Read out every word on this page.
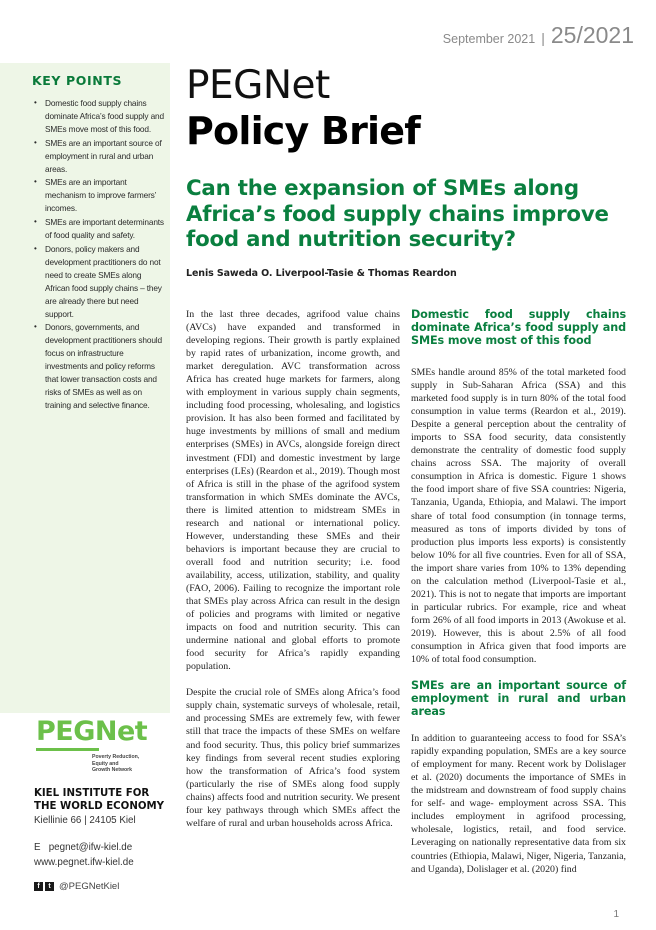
September 2021 | 25/2021
KEY POINTS
• Domestic food supply chains dominate Africa’s food supply and SMEs move most of this food.
• SMEs are an important source of employment in rural and urban areas.
• SMEs are an important mechanism to improve farmers’ incomes.
• SMEs are important determinants of food quality and safety.
• Donors, policy makers and development practitioners do not need to create SMEs along African food supply chains – they are already there but need support.
• Donors, governments, and development practitioners should focus on infrastructure investments and policy reforms that lower transaction costs and risks of SMEs as well as on training and selective finance.
PEGNet
Poverty Reduction,
Equity and
Growth Network
KIEL INSTITUTE FOR
THE WORLD ECONOMY
Kiellinie 66 | 24105 Kiel
E pegnet@ifw-kiel.de
www.pegnet.ifw-kiel.de
f	t @PEGNetKiel
PEGNet
Policy Brief
Can the expansion of SMEs along Africa’s food supply chains improve food and nutrition security?
Lenis Saweda O. Liverpool-Tasie & Thomas Reardon

In the last three decades, agrifood value chains (AVCs) have expanded and transformed in developing regions. Their growth is partly explained by rapid rates of urbanization, income growth, and market deregulation. AVC transformation across Africa has created huge markets for farmers, along with employment in various supply chain segments, including food processing, wholesaling, and logistics provision. It has also been formed and facilitated by huge investments by millions of small and medium enterprises (SMEs) in AVCs, alongside foreign direct investment (FDI) and domestic investment by large enterprises (LEs) (Reardon et al., 2019). Though most of Africa is still in the phase of the agrifood system transformation in which SMEs dominate the AVCs, there is limited attention to midstream SMEs in research and national or international policy. However, understanding these SMEs and their behaviors is important because they are crucial to overall food and nutrition security; i.e. food availability, access, utilization, stability, and quality (FAO, 2006). Failing to recognize the important role that SMEs play across Africa can result in the design of policies and programs with limited or negative impacts on food and nutrition security. This can undermine national and global efforts to promote food security for Africa’s rapidly expanding population.

Despite the crucial role of SMEs along Africa’s food supply chain, systematic surveys of wholesale, retail, and processing SMEs are extremely few, with fewer still that trace the impacts of these SMEs on welfare and food security. Thus, this policy brief summarizes key findings from several recent studies exploring how the transformation of Africa’s food system (particularly the rise of SMEs along food supply chains) affects food and nutrition security. We present four key pathways through which SMEs affect the welfare of rural and urban households across Africa.

Domestic food supply chains dominate Africa’s food supply and SMEs move most of this food

SMEs handle around 85% of the total marketed food supply in Sub-Saharan Africa (SSA) and this marketed food supply is in turn 80% of the total food consumption in value terms (Reardon et al., 2019). Despite a general perception about the centrality of imports to SSA food security, data consistently demonstrate the centrality of domestic food supply chains across SSA. The majority of overall consumption in Africa is domestic. Figure 1 shows the food import share of five SSA countries: Nigeria, Tanzania, Uganda, Ethiopia, and Malawi. The import share of total food consumption (in tonnage terms, measured as tons of imports divided by tons of production plus imports less exports) is consistently below 10% for all five countries. Even for all of SSA, the import share varies from 10% to 13% depending on the calculation method (Liverpool-Tasie et al., 2021). This is not to negate that imports are important in particular rubrics. For example, rice and wheat form 26% of all food imports in 2013 (Awokuse et al. 2019). However, this is about 2.5% of all food consumption in Africa given that food imports are 10% of total food consumption.

SMEs are an important source of employment in rural and urban areas

In addition to guaranteeing access to food for SSA’s rapidly expanding population, SMEs are a key source of employment for many. Recent work by Dolislager et al. (2020) documents the importance of SMEs in the midstream and downstream of food supply chains for self- and wage- employment across SSA. This includes employment in agrifood processing, wholesale, logistics, retail, and food service. Leveraging on nationally representative data from six countries (Ethiopia, Malawi, Niger, Nigeria, Tanzania, and Uganda), Dolislager et al. (2020) find

1
